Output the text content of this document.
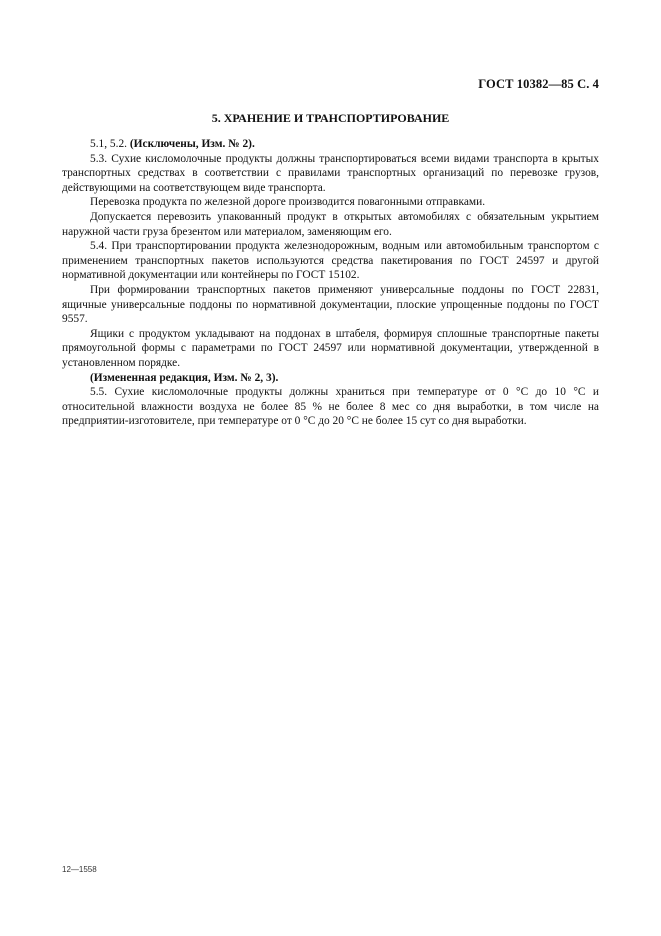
ГОСТ 10382—85 С. 4
5. ХРАНЕНИЕ И ТРАНСПОРТИРОВАНИЕ

5.1, 5.2. (Исключены, Изм. № 2).

5.3. Сухие кисломолочные продукты должны транспортироваться всеми видами транспорта в крытых транспортных средствах в соответствии с правилами транспортных организаций по перевозке грузов, действующими на соответствующем виде транспорта.

Перевозка продукта по железной дороге производится повагонными отправками.

Допускается перевозить упакованный продукт в открытых автомобилях с обязательным укрытием наружной части груза брезентом или материалом, заменяющим его.

5.4. При транспортировании продукта железнодорожным, водным или автомобильным транспортом с применением транспортных пакетов используются средства пакетирования по ГОСТ 24597 и другой нормативной документации или контейнеры по ГОСТ 15102.

При формировании транспортных пакетов применяют универсальные поддоны по ГОСТ 22831, ящичные универсальные поддоны по нормативной документации, плоские упрощенные поддоны по ГОСТ 9557.

Ящики с продуктом укладывают на поддонах в штабеля, формируя сплошные транспортные пакеты прямоугольной формы с параметрами по ГОСТ 24597 или нормативной документации, утвержденной в установленном порядке.

(Измененная редакция, Изм. № 2, 3).

5.5. Сухие кисломолочные продукты должны храниться при температуре от 0 °С до 10 °С и относительной влажности воздуха не более 85 % не более 8 мес со дня выработки, в том числе на предприятии-изготовителе, при температуре от 0 °С до 20 °С не более 15 сут со дня выработки.

12—1558
